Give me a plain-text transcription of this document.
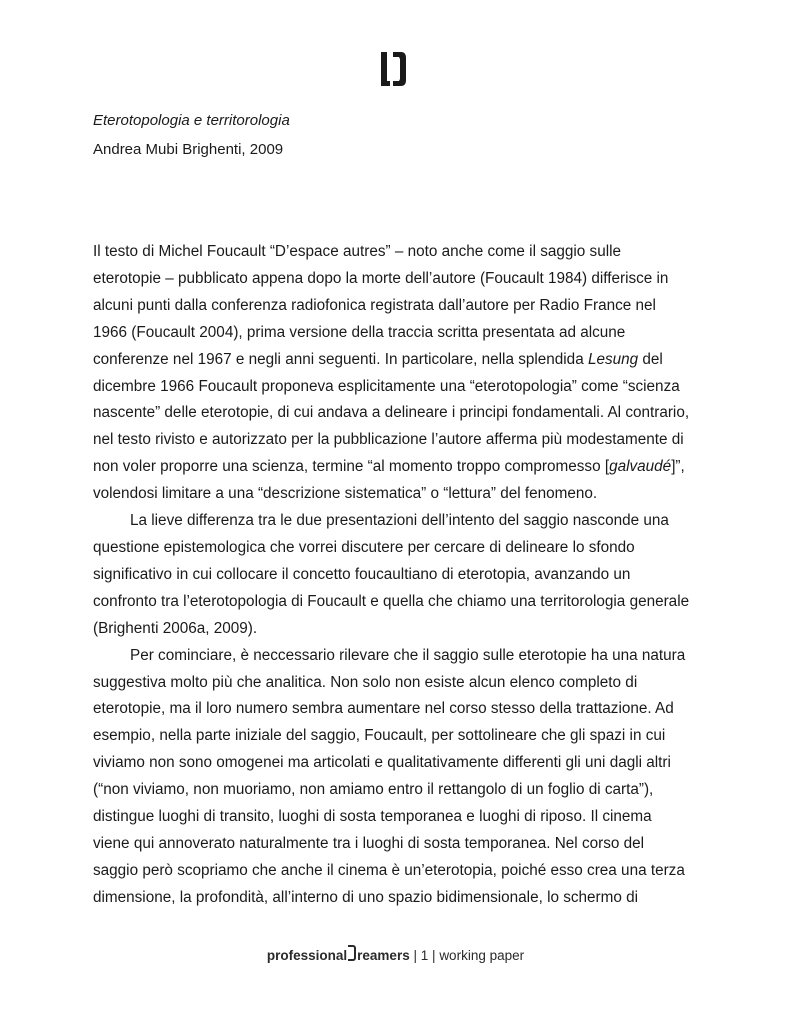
Eterotopologia e territorologia
Andrea Mubi Brighenti, 2009

Il testo di Michel Foucault “D’espace autres” – noto anche come il saggio sulle
eterotopie – pubblicato appena dopo la morte dell’autore (Foucault 1984) differisce in
alcuni punti dalla conferenza radiofonica registrata dall’autore per Radio France nel
1966 (Foucault 2004), prima versione della traccia scritta presentata ad alcune
conferenze nel 1967 e negli anni seguenti. In particolare, nella splendida Lesung del
dicembre 1966 Foucault proponeva esplicitamente una “eterotopologia” come “scienza
nascente” delle eterotopie, di cui andava a delineare i principi fondamentali. Al contrario,
nel testo rivisto e autorizzato per la pubblicazione l’autore afferma più modestamente di
non voler proporre una scienza, termine “al momento troppo compromesso [galvaudé]”,
volendosi limitare a una “descrizione sistematica” o “lettura” del fenomeno.

La lieve differenza tra le due presentazioni dell’intento del saggio nasconde una
questione epistemologica che vorrei discutere per cercare di delineare lo sfondo
significativo in cui collocare il concetto foucaultiano di eterotopia, avanzando un
confronto tra l’eterotopologia di Foucault e quella che chiamo una territorologia generale
(Brighenti 2006a, 2009).

Per cominciare, è neccessario rilevare che il saggio sulle eterotopie ha una natura
suggestiva molto più che analitica. Non solo non esiste alcun elenco completo di
eterotopie, ma il loro numero sembra aumentare nel corso stesso della trattazione. Ad
esempio, nella parte iniziale del saggio, Foucault, per sottolineare che gli spazi in cui
viviamo non sono omogenei ma articolati e qualitativamente differenti gli uni dagli altri
(“non viviamo, non muoriamo, non amiamo entro il rettangolo di un foglio di carta”),
distingue luoghi di transito, luoghi di sosta temporanea e luoghi di riposo. Il cinema
viene qui annoverato naturalmente tra i luoghi di sosta temporanea. Nel corso del
saggio però scopriamo che anche il cinema è un’eterotopia, poiché esso crea una terza
dimensione, la profondità, all’interno di uno spazio bidimensionale, lo schermo di

professional reamers | 1 | working paper
